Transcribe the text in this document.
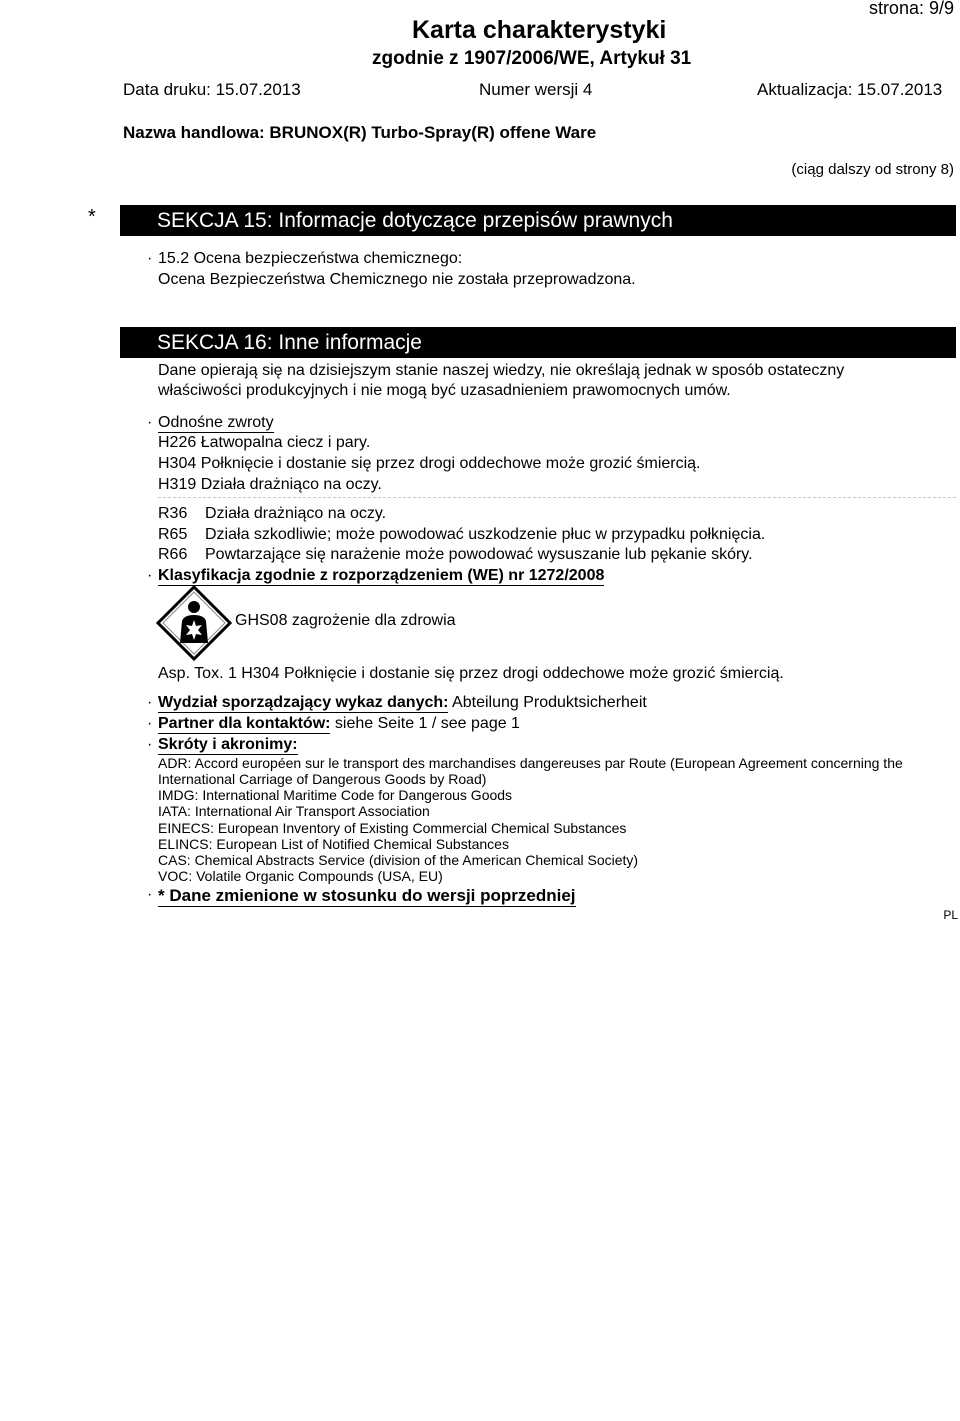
strona: 9/9
Karta charakterystyki
zgodnie z 1907/2006/WE, Artykuł 31
Data druku: 15.07.2013	Numer wersji 4	Aktualizacja: 15.07.2013
Nazwa handlowa: BRUNOX(R) Turbo-Spray(R) offene Ware
(ciąg dalszy od strony 8)
*	SEKCJA 15: Informacje dotyczące przepisów prawnych
· 15.2 Ocena bezpieczeństwa chemicznego:
Ocena Bezpieczeństwa Chemicznego nie została przeprowadzona.
SEKCJA 16: Inne informacje
Dane opierają się na dzisiejszym stanie naszej wiedzy, nie określają jednak w sposób ostateczny
właściwości produkcyjnych i nie mogą być uzasadnieniem prawomocnych umów.
· Odnośne zwroty
H226 Łatwopalna ciecz i pary.
H304 Połknięcie i dostanie się przez drogi oddechowe może grozić śmiercią.
H319 Działa drażniąco na oczy.
R36 Działa drażniąco na oczy.
R65 Działa szkodliwie; może powodować uszkodzenie płuc w przypadku połknięcia.
R66 Powtarzające się narażenie może powodować wysuszanie lub pękanie skóry.
· Klasyfikacja zgodnie z rozporządzeniem (WE) nr 1272/2008
GHS08 zagrożenie dla zdrowia
Asp. Tox. 1 H304 Połknięcie i dostanie się przez drogi oddechowe może grozić śmiercią.
· Wydział sporządzający wykaz danych: Abteilung Produktsicherheit
· Partner dla kontaktów: siehe Seite 1 / see page 1
· Skróty i akronimy:
ADR: Accord européen sur le transport des marchandises dangereuses par Route (European Agreement concerning the
International Carriage of Dangerous Goods by Road)
IMDG: International Maritime Code for Dangerous Goods
IATA: International Air Transport Association
EINECS: European Inventory of Existing Commercial Chemical Substances
ELINCS: European List of Notified Chemical Substances
CAS: Chemical Abstracts Service (division of the American Chemical Society)
VOC: Volatile Organic Compounds (USA, EU)
· * Dane zmienione w stosunku do wersji poprzedniej
PL
